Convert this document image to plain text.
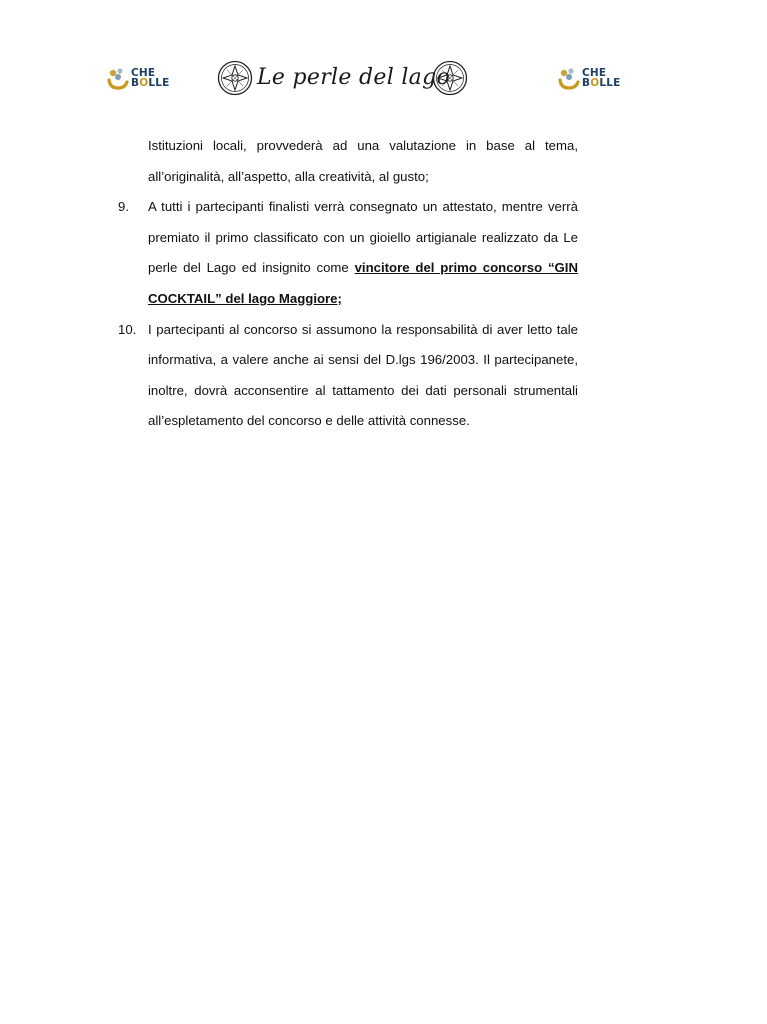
CHE
BOLLE	Le perle del lago	CHE
BOLLE
Istituzioni locali, provvederà ad una valutazione in base al tema, all’originalità, all’aspetto, alla creatività, al gusto;
9. A tutti i partecipanti finalisti verrà consegnato un attestato, mentre verrà premiato il primo classificato con un gioiello artigianale realizzato da Le perle del Lago ed insignito come vincitore del primo concorso “GIN COCKTAIL” del lago Maggiore;
10. I partecipanti al concorso si assumono la responsabilità di aver letto tale informativa, a valere anche ai sensi del D.lgs 196/2003. Il partecipanete, inoltre, dovrà acconsentire al tattamento dei dati personali strumentali all’espletamento del concorso e delle attività connesse.
